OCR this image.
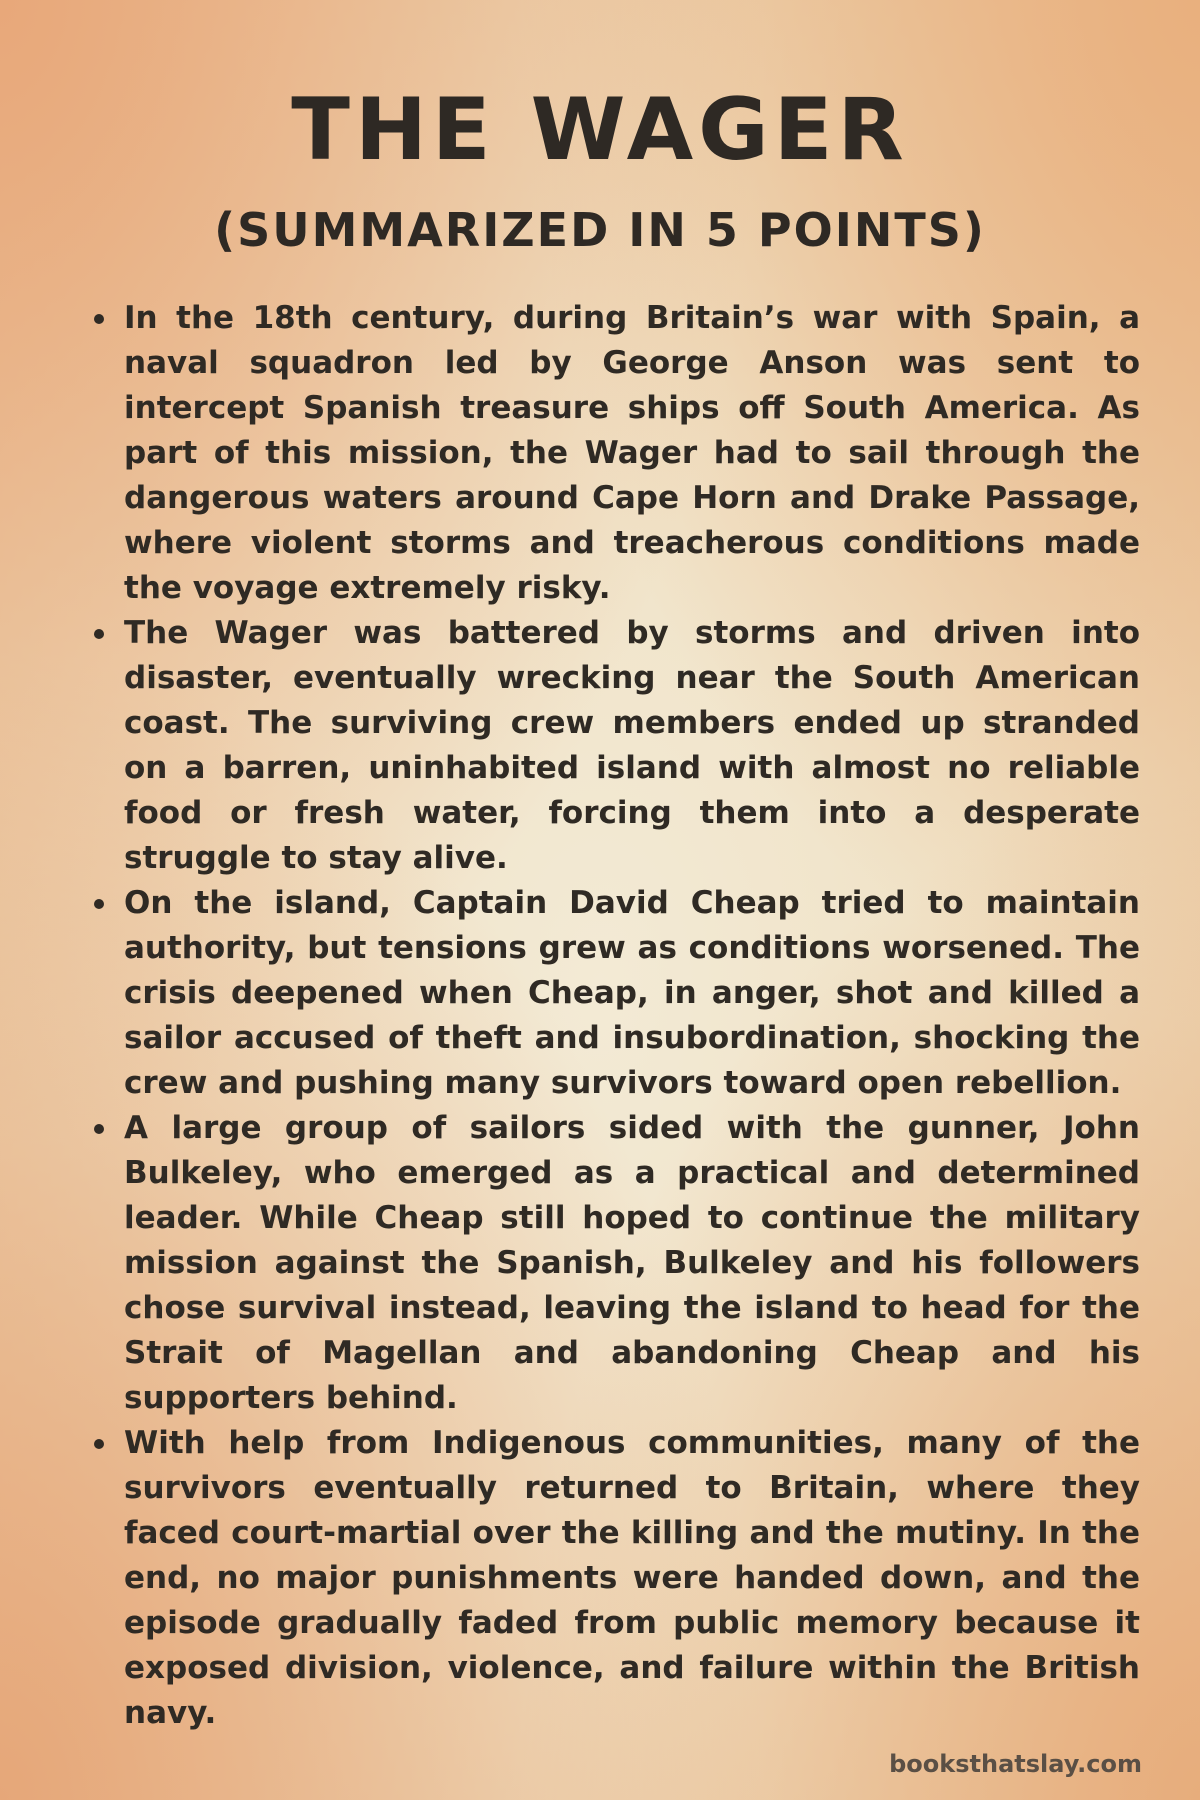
THE WAGER
(SUMMARIZED IN 5 POINTS)
In the 18th century, during Britain’s war with Spain, a naval squadron led by George Anson was sent to intercept Spanish treasure ships off South America. As part of this mission, the Wager had to sail through the dangerous waters around Cape Horn and Drake Passage, where violent storms and treacherous conditions made the voyage extremely risky.
The Wager was battered by storms and driven into disaster, eventually wrecking near the South American coast. The surviving crew members ended up stranded on a barren, uninhabited island with almost no reliable food or fresh water, forcing them into a desperate struggle to stay alive.
On the island, Captain David Cheap tried to maintain authority, but tensions grew as conditions worsened. The crisis deepened when Cheap, in anger, shot and killed a sailor accused of theft and insubordination, shocking the crew and pushing many survivors toward open rebellion.
A large group of sailors sided with the gunner, John Bulkeley, who emerged as a practical and determined leader. While Cheap still hoped to continue the military mission against the Spanish, Bulkeley and his followers chose survival instead, leaving the island to head for the Strait of Magellan and abandoning Cheap and his supporters behind.
With help from Indigenous communities, many of the survivors eventually returned to Britain, where they faced court-martial over the killing and the mutiny. In the end, no major punishments were handed down, and the episode gradually faded from public memory because it exposed division, violence, and failure within the British navy.
booksthatslay.com
